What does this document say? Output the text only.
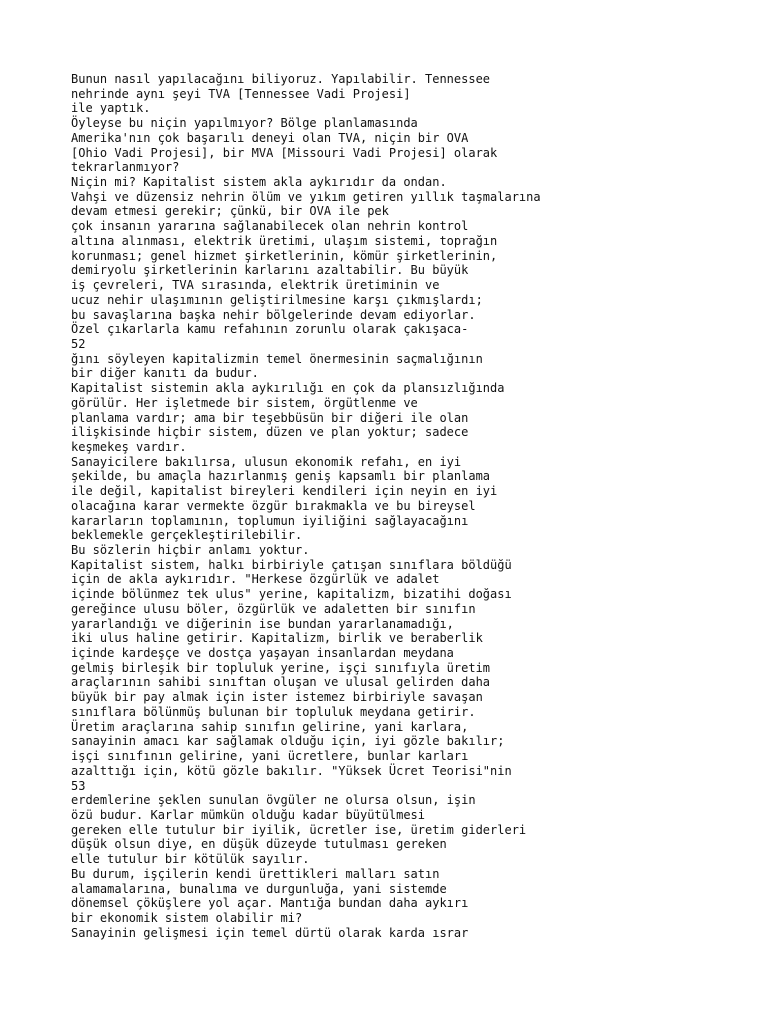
Bunun nasıl yapılacağını biliyoruz. Yapılabilir. Tennessee
nehrinde aynı şeyi TVA [Tennessee Vadi Projesi]
ile yaptık.
Öyleyse bu niçin yapılmıyor? Bölge planlamasında
Amerika'nın çok başarılı deneyi olan TVA, niçin bir OVA
[Ohio Vadi Projesi], bir MVA [Missouri Vadi Projesi] olarak
tekrarlanmıyor?
Niçin mi? Kapitalist sistem akla aykırıdır da ondan.
Vahşi ve düzensiz nehrin ölüm ve yıkım getiren yıllık taşmalarına
devam etmesi gerekir; çünkü, bir OVA ile pek
çok insanın yararına sağlanabilecek olan nehrin kontrol
altına alınması, elektrik üretimi, ulaşım sistemi, toprağın
korunması; genel hizmet şirketlerinin, kömür şirketlerinin,
demiryolu şirketlerinin karlarını azaltabilir. Bu büyük
iş çevreleri, TVA sırasında, elektrik üretiminin ve
ucuz nehir ulaşımının geliştirilmesine karşı çıkmışlardı;
bu savaşlarına başka nehir bölgelerinde devam ediyorlar.
Özel çıkarlarla kamu refahının zorunlu olarak çakışaca-
52
ğını söyleyen kapitalizmin temel önermesinin saçmalığının
bir diğer kanıtı da budur.
Kapitalist sistemin akla aykırılığı en çok da plansızlığında
görülür. Her işletmede bir sistem, örgütlenme ve
planlama vardır; ama bir teşebbüsün bir diğeri ile olan
ilişkisinde hiçbir sistem, düzen ve plan yoktur; sadece
keşmekeş vardır.
Sanayicilere bakılırsa, ulusun ekonomik refahı, en iyi
şekilde, bu amaçla hazırlanmış geniş kapsamlı bir planlama
ile değil, kapitalist bireyleri kendileri için neyin en iyi
olacağına karar vermekte özgür bırakmakla ve bu bireysel
kararların toplamının, toplumun iyiliğini sağlayacağını
beklemekle gerçekleştirilebilir.
Bu sözlerin hiçbir anlamı yoktur.
Kapitalist sistem, halkı birbiriyle çatışan sınıflara böldüğü
için de akla aykırıdır. "Herkese özgürlük ve adalet
içinde bölünmez tek ulus" yerine, kapitalizm, bizatihi doğası
gereğince ulusu böler, özgürlük ve adaletten bir sınıfın
yararlandığı ve diğerinin ise bundan yararlanamadığı,
iki ulus haline getirir. Kapitalizm, birlik ve beraberlik
içinde kardeşçe ve dostça yaşayan insanlardan meydana
gelmiş birleşik bir topluluk yerine, işçi sınıfıyla üretim
araçlarının sahibi sınıftan oluşan ve ulusal gelirden daha
büyük bir pay almak için ister istemez birbiriyle savaşan
sınıflara bölünmüş bulunan bir topluluk meydana getirir.
Üretim araçlarına sahip sınıfın gelirine, yani karlara,
sanayinin amacı kar sağlamak olduğu için, iyi gözle bakılır;
işçi sınıfının gelirine, yani ücretlere, bunlar karları
azalttığı için, kötü gözle bakılır. "Yüksek Ücret Teorisi"nin
53
erdemlerine şeklen sunulan övgüler ne olursa olsun, işin
özü budur. Karlar mümkün olduğu kadar büyütülmesi
gereken elle tutulur bir iyilik, ücretler ise, üretim giderleri
düşük olsun diye, en düşük düzeyde tutulması gereken
elle tutulur bir kötülük sayılır.
Bu durum, işçilerin kendi ürettikleri malları satın
alamamalarına, bunalıma ve durgunluğa, yani sistemde
dönemsel çöküşlere yol açar. Mantığa bundan daha aykırı
bir ekonomik sistem olabilir mi?
Sanayinin gelişmesi için temel dürtü olarak karda ısrar
